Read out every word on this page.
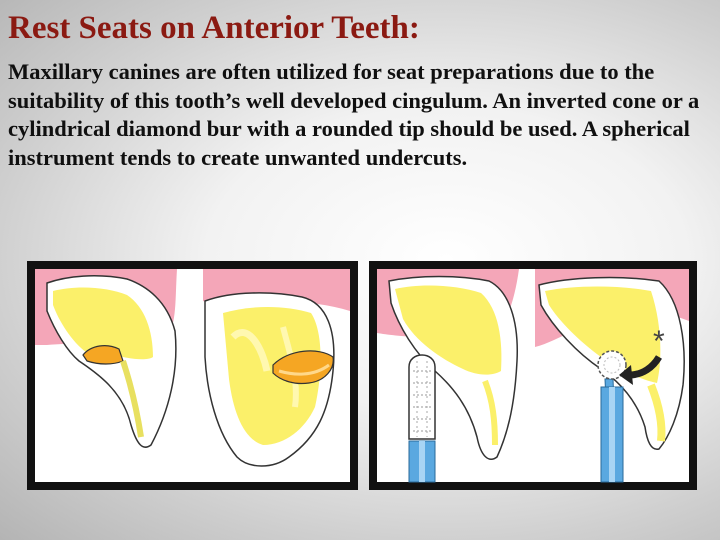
Rest Seats on Anterior Teeth:

Maxillary canines are often utilized for seat preparations due to the suitability of this tooth’s well developed cingulum. An inverted cone or a cylindrical diamond bur with a rounded tip should be used. A spherical instrument tends to create unwanted undercuts.

*
